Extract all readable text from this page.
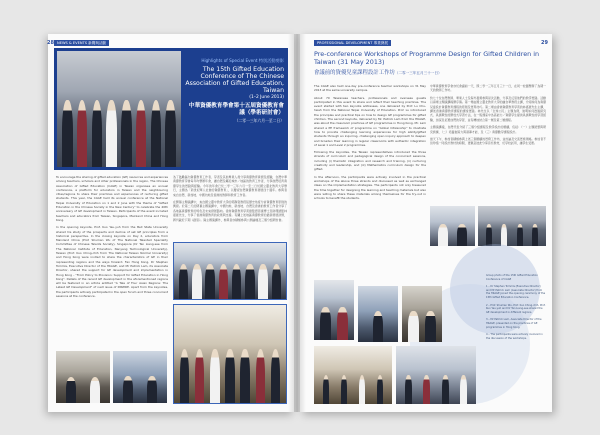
NEWS & EVENTS 新聞與活動
28
Highlights of Special Event 特別活動剪影
The 15th Gifted Education Conference of The Chinese Association of Gifted Education, Taiwan
(1–2 June 2013)
中華資優教育學會第十五屆資優教育會議（學術研討會）
（二零一三年六月一至二日）

To encourage the sharing of gifted education (GE) resources and experiences among teachers, scholars and other professionals in the region, The Chinese Association of Gifted Education (CAGE) in Taiwan organises an annual conference, a platform for educators in Taiwan and the neighbouring cities/regions to share their practices and experiences of nurturing gifted students. This year, the CAGE held its annual conference at the National Taipei University of Education on 1 and 2 June with the theme of "Gifted Education in the Chinese Society in the New Century" to celebrate the 40th anniversary of GE development in Taiwan. Participants of the event included teachers and educators from Taiwan, Singapore, Mainland China and Hong Kong.

In the opening keynote, Prof. Kuo Yau-yuh from the Bell State University shared his study of the prospects and decline of set GE principles from a historical perspective. In the closing keynote on Day 2, educators from Mainland China (Prof. Shuman Wu of The National Talented Speciality Committee of Chinese Talents Society), Singapore (Dr Tan Liang-see from The National Institute of Education, Nanyang Technological University), Taiwan (Prof. Kuo Ching-chih from The National Taiwan Normal University) and Hong Kong were invited to share the characteristics of GE in their representing regions and the ways forward. Fan Hong Kong, Dr Stephen Tommis, Executive Director of the HKAGE, and Mr Patrick Lam, its Associate Director, shared the support for GE development and implementation in Hong Kong – "From Policy to Provision: Support for Gifted Education in Hong Kong". Details of the recent GE development in the aforementioned regions will be featured in an article entitled "A Tale of Four Asian Regions: The Latest GE Development" of next issue of INSPIRE. Apart from the keynotes, the participants actively participated in the open forum and three concurrent sessions at the conference.

為了鼓勵區內資優教育工作者、學者及其他專業人員分享資優教育資源及經驗，台灣中華資優教育學會每年均舉辦年會，讓台灣及鄰近城市／地區的教育工作者，分享他們培育資優學生的實踐與經驗。今年的年會已於二零一三年六月一至二日於國立臺北教育大學舉行，主題為「新世紀華人社會的資優教育」，以慶祝台灣資優教育發展四十週年。參與者來自台灣、新加坡、中國內地及香港的教師和教育工作者。

在開幕主題演講中，來自國立臺中教育大學的郭靜姿教授從歷史角度分析資優教育原則的興衰。於第二天的閉幕主題演講中，中國內地、新加坡、台灣及香港的教育工作者分享了各地區資優教育的特色及未來發展路向。香港資優教育學苑總監譚思康博士及助理總監林嘉豪先生，分享了香港資優教育的政策與支援。有關上述地區資優教育的最新發展詳情，將刊載於下期《啟思》。除主題演講外，參與者亦積極參與公開論壇及三個分組研討會。

PROFESSIONAL DEVELOPMENT 專業發展	29
Pre-conference Workshops of Programme Design for Gifted Children in Taiwan (31 May 2013)
會議前的資優兒童課程設計工作坊（二零一三年五月三十一日）

The CAGE also held one-day pre-conference teacher workshops on 31 May 2013 at the same university campus.

About 70 Taiwanese teachers, professionals and overseas guests participated in this event to share and reflect their teaching practices. The event started with two keynote addresses, one delivered by Prof. Lu Chu-hsiah from the National Taipei University of Education. Prof. Lu introduced the principles and practical tips on how to design GE programmes for gifted children. The second keynote, delivered by Mr. Patrick Lam from the HKAGE, was about the classroom practices of GE programmes in Hong Kong. Mr. Lam shared a PE framework of programme on "Global Citizenship" to illustrate how to provide challenging learning experiences for high ability/gifted students through an inquiring, challenging open inquiry approach to deepen and broaden their learning in regular classrooms with authentic integration of Level 1 and Level 2 programmes.

Following the keynotes, the Taiwan representatives introduced the three strands of curriculum and pedagogical design of the concurrent sessions, including (i) thematic integration and research and training, (ii) nurturing creativity and leadership, and (iii) Mathematics curriculum design for the gifted.

In the afternoon, the participants were actively involved in the practical workshops of the above three strands and discussed as well as exchanged ideas on the implementation strategies. The participants not only treasured the time together for designing the learning and teaching materials but also were willing to share these materials among themselves for the try-out in schools to benefit the students.

中華資優教育學會亦於會議前一天，即二零一三年五月三十一日，在同一校園舉辦了為期一天的教師工作坊。

約七十位台灣教師、專業人士及海外嘉賓參與是次活動，分享及反思他們的教學實踐。活動以兩場主題演講揭開序幕。第一場由國立臺北教育大學的盧台華教授主講，介紹如何為資優兒童設計資優教育課程的原則及實用技巧。第二場由香港資優教育學苑的林嘉豪先生主講，講述香港資優教育課程的課堂實踐。林先生以「全球公民」主題為例，說明如何透過探究式、具挑戰性的開放式學習方法，在一般課室中為高能力／資優學生提供具挑戰性的學習經驗，加深及拓寬他們的學習，並有機地結合第一層及第二層課程。

主題演講後，台灣代表介紹了三個分組課程及教學設計的範疇，包括：（一）主題統整與研究訓練、（二）培養創造力與領導才能、及（三）資優數學課程設計。

當天下午，參加者積極參與上述三個範疇的實務工作坊，並討論及交流實施策略。參加者不但珍惜一同設計教材的時間，更樂意彼此分享這些教材，於學校試用，讓學生受惠。

Group photo of the 15th Gifted Education Conference of CAGE

1 – Dr Stephen Tommis (Executive Director) and Mr Patrick Lam (Associate Director) from the HKAGE joined the opening ceremony of the 15th Gifted Education Conference.

2 – Prof. Shuman Wu, Prof. Kuo Ching-chih, Prof. Kuo Yau-yuh and Dr Tan Liang-see shared the GE development in different regions.

3 – Mr Patrick Lam, Associate Director of the HKAGE, presented on the practices of GE programmes in Hong Kong.

4 – The participants were actively involved in the discussion of the workshops.
